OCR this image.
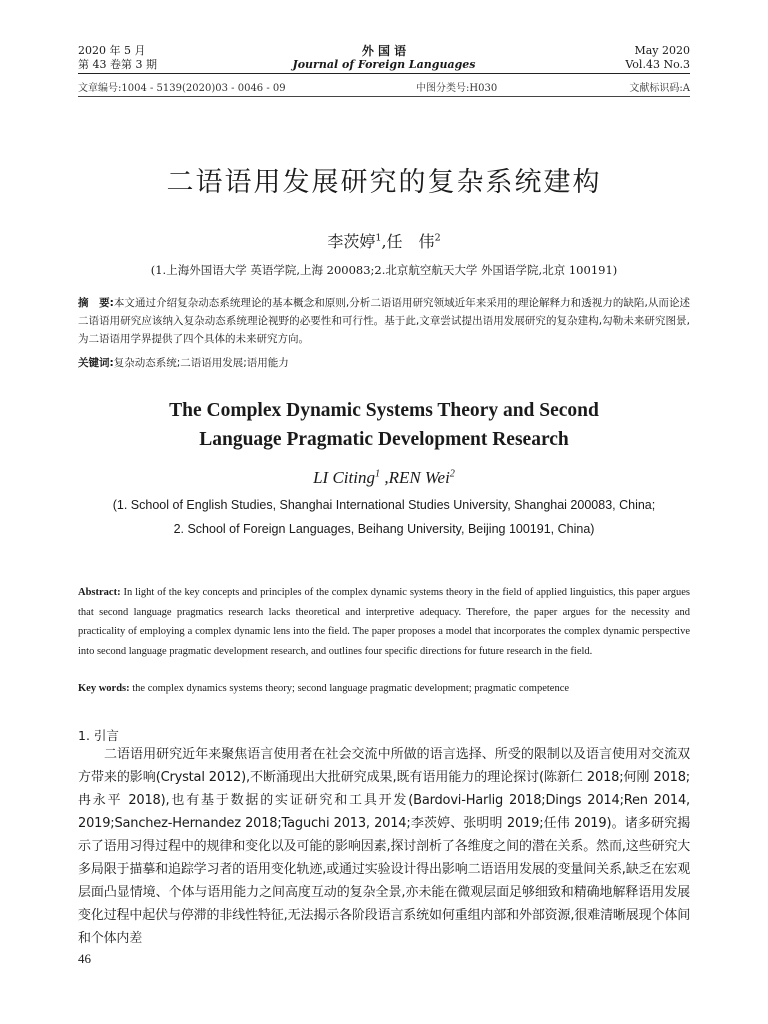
2020 年 5 月
第 43 卷第 3 期
外 国 语
Journal of Foreign Languages
May 2020
Vol.43 No.3
文章编号:1004 - 5139(2020)03 - 0046 - 09	中图分类号:H030	文献标识码:A
二语语用发展研究的复杂系统建构
李茨婷$^1$,任　伟$^2$
(1.上海外国语大学 英语学院,上海 200083;2.北京航空航天大学 外国语学院,北京 100191)
摘　要:本文通过介绍复杂动态系统理论的基本概念和原则,分析二语语用研究领域近年来采用的理论解释力和透视力的缺陷,从而论述二语语用研究应该纳入复杂动态系统理论视野的必要性和可行性。基于此,文章尝试提出语用发展研究的复杂建构,勾勒未来研究图景,为二语语用学界提供了四个具体的未来研究方向。
关键词:复杂动态系统;二语语用发展;语用能力
The Complex Dynamic Systems Theory and Second
Language Pragmatic Development Research
LI Citing$^1$ ,REN Wei$^2$
(1. School of English Studies, Shanghai International Studies University, Shanghai 200083, China;
2. School of Foreign Languages, Beihang University, Beijing 100191, China)
Abstract: In light of the key concepts and principles of the complex dynamic systems theory in the field of applied linguistics, this paper argues that second language pragmatics research lacks theoretical and interpretive adequacy. Therefore, the paper argues for the necessity and practicality of employing a complex dynamic lens into the field. The paper proposes a model that incorporates the complex dynamic perspective into second language pragmatic development research, and outlines four specific directions for future research in the field.
Key words: the complex dynamics systems theory; second language pragmatic development; pragmatic competence
1. 引言

二语语用研究近年来聚焦语言使用者在社会交流中所做的语言选择、所受的限制以及语言使用对交流双方带来的影响(Crystal 2012),不断涌现出大批研究成果,既有语用能力的理论探讨(陈新仁 2018;何刚 2018;冉永平 2018),也有基于数据的实证研究和工具开发(Bardovi-Harlig 2018;Dings 2014;Ren 2014, 2019;Sanchez-Hernandez 2018;Taguchi 2013, 2014;李茨婷、张明明 2019;任伟 2019)。诸多研究揭示了语用习得过程中的规律和变化以及可能的影响因素,探讨剖析了各维度之间的潜在关系。然而,这些研究大多局限于描摹和追踪学习者的语用变化轨迹,或通过实验设计得出影响二语语用发展的变量间关系,缺乏在宏观层面凸显情境、个体与语用能力之间高度互动的复杂全景,亦未能在微观层面足够细致和精确地解释语用发展变化过程中起伏与停滞的非线性特征,无法揭示各阶段语言系统如何重组内部和外部资源,很难清晰展现个体间和个体内差

46
